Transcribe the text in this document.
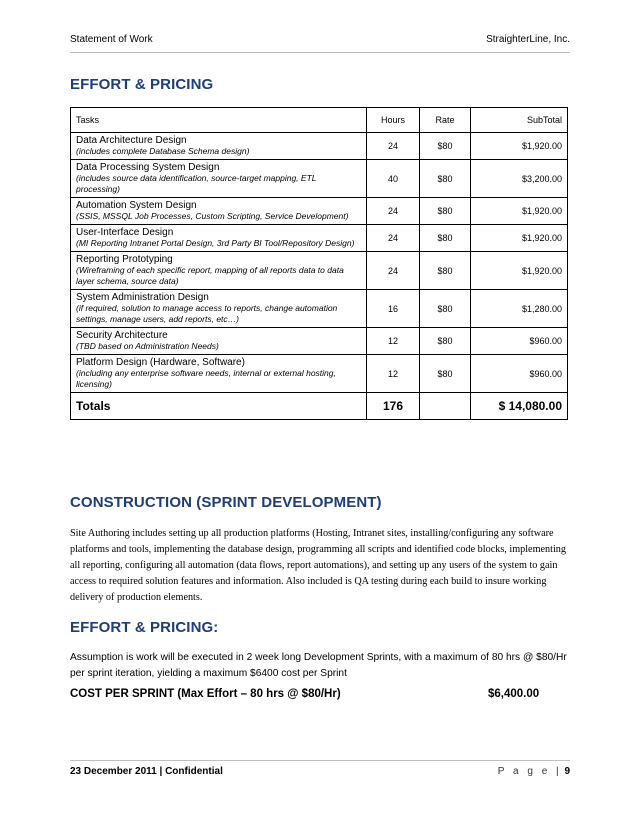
Statement of Work	StraighterLine, Inc.
EFFORT & PRICING
Tasks	Hours	Rate	SubTotal

Data Architecture Design
(includes complete Database Schema design)	24	$80	$1,920.00

Data Processing System Design
(includes source data identification, source-target mapping, ETL processing)	40	$80	$3,200.00

Automation System Design
(SSIS, MSSQL Job Processes, Custom Scripting, Service Development)	24	$80	$1,920.00

User-Interface Design
(MI Reporting Intranet Portal Design, 3rd Party BI Tool/Repository Design)	24	$80	$1,920.00

Reporting Prototyping
(Wireframing of each specific report, mapping of all reports data to data layer schema, source data)	24	$80	$1,920.00

System Administration Design
(if required, solution to manage access to reports, change automation settings, manage users, add reports, etc…)	16	$80	$1,280.00

Security Architecture
(TBD based on Administration Needs)	12	$80	$960.00

Platform Design (Hardware, Software)
(including any enterprise software needs, internal or external hosting, licensing)	12	$80	$960.00
Totals	176		$ 14,080.00
CONSTRUCTION (SPRINT DEVELOPMENT)
Site Authoring includes setting up all production platforms (Hosting, Intranet sites, installing/configuring any software platforms and tools, implementing the database design, programming all scripts and identified code blocks, implementing all reporting, configuring all automation (data flows, report automations), and setting up any users of the system to gain access to required solution features and information. Also included is QA testing during each build to insure working delivery of production elements.
EFFORT & PRICING:
Assumption is work will be executed in 2 week long Development Sprints, with a maximum of 80 hrs @ $80/Hr per sprint iteration, yielding a maximum $6400 cost per Sprint
COST PER SPRINT (Max Effort – 80 hrs @ $80/Hr)	$6,400.00
23 December 2011 | Confidential	P a g e | 9
